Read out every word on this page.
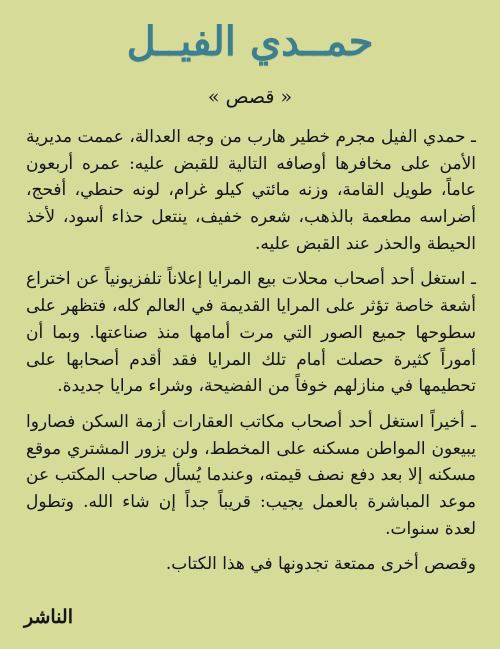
حمــدي الفيــل
« قصص »

ـ حمدي الفيل مجرم خطير هارب من وجه العدالة، عممت مديرية الأمن على مخافرها أوصافه التالية للقبض عليه: عمره أربعون عاماً، طويل القامة، وزنه مائتي كيلو غرام، لونه حنطي، أفحج، أضراسه مطعمة بالذهب، شعره خفيف، ينتعل حذاء أسود، لأخذ الحيطة والحذر عند القبض عليه.

ـ استغل أحد أصحاب محلات بيع المرايا إعلاناً تلفزيونياً عن اختراع أشعة خاصة تؤثر على المرايا القديمة في العالم كله، فتظهر على سطوحها جميع الصور التي مرت أمامها منذ صناعتها. وبما أن أموراً كثيرة حصلت أمام تلك المرايا فقد أقدم أصحابها على تحطيمها في منازلهم خوفاً من الفضيحة، وشراء مرايا جديدة.

ـ أخيراً استغل أحد أصحاب مكاتب العقارات أزمة السكن فصاروا يبيعون المواطن مسكنه على المخطط، ولن يزور المشتري موقع مسكنه إلا بعد دفع نصف قيمته، وعندما يُسأل صاحب المكتب عن موعد المباشرة بالعمل يجيب: قريباً جداً إن شاء الله. وتطول لعدة سنوات.

وقصص أخرى ممتعة تجدونها في هذا الكتاب.

الناشر
